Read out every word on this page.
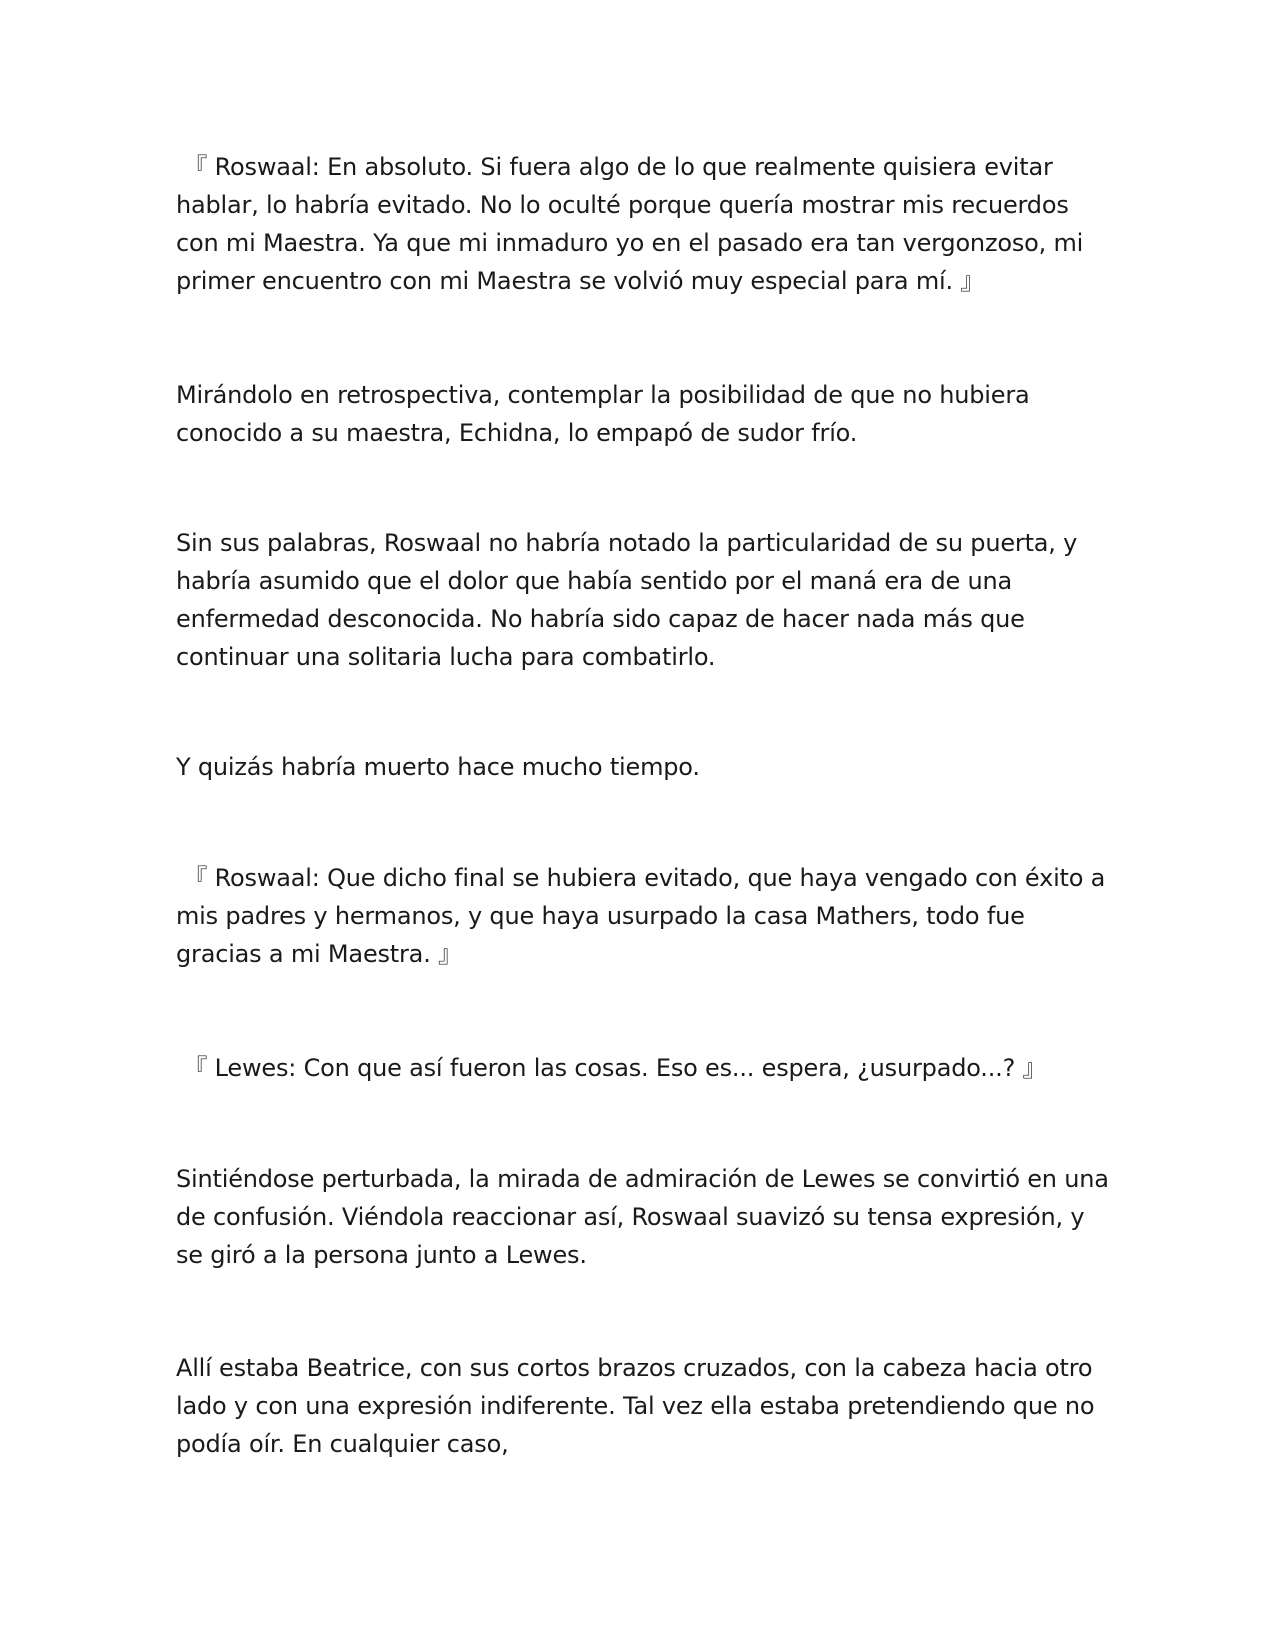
『 Roswaal: En absoluto. Si fuera algo de lo que realmente quisiera evitar hablar, lo habría evitado. No lo oculté porque quería mostrar mis recuerdos con mi Maestra. Ya que mi inmaduro yo en el pasado era tan vergonzoso, mi primer encuentro con mi Maestra se volvió muy especial para mí. 』

Mirándolo en retrospectiva, contemplar la posibilidad de que no hubiera conocido a su maestra, Echidna, lo empapó de sudor frío.

Sin sus palabras, Roswaal no habría notado la particularidad de su puerta, y habría asumido que el dolor que había sentido por el maná era de una enfermedad desconocida. No habría sido capaz de hacer nada más que continuar una solitaria lucha para combatirlo.

Y quizás habría muerto hace mucho tiempo.

『 Roswaal: Que dicho final se hubiera evitado, que haya vengado con éxito a mis padres y hermanos, y que haya usurpado la casa Mathers, todo fue gracias a mi Maestra. 』

『 Lewes: Con que así fueron las cosas. Eso es... espera, ¿usurpado...? 』

Sintiéndose perturbada, la mirada de admiración de Lewes se convirtió en una de confusión. Viéndola reaccionar así, Roswaal suavizó su tensa expresión, y se giró a la persona junto a Lewes.

Allí estaba Beatrice, con sus cortos brazos cruzados, con la cabeza hacia otro lado y con una expresión indiferente. Tal vez ella estaba pretendiendo que no podía oír. En cualquier caso,
